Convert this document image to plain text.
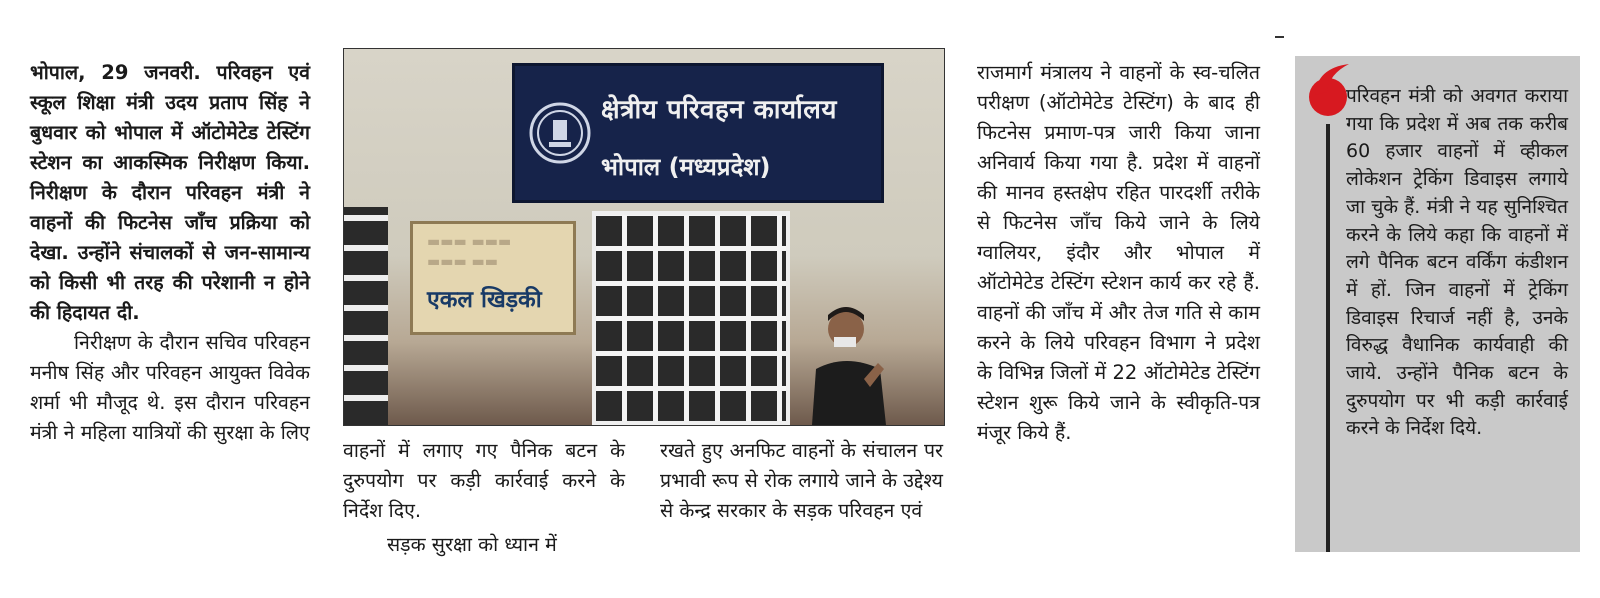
भोपाल, 29 जनवरी. परिवहन एवं स्कूल शिक्षा मंत्री उदय प्रताप सिंह ने बुधवार को भोपाल में ऑटोमेटेड टेस्टिंग स्टेशन का आकस्मिक निरीक्षण किया. निरीक्षण के दौरान परिवहन मंत्री ने वाहनों की फिटनेस जाँच प्रक्रिया को देखा. उन्होंने संचालकों से जन-सामान्य को किसी भी तरह की परेशानी न होने की हिदायत दी.

निरीक्षण के दौरान सचिव परिवहन मनीष सिंह और परिवहन आयुक्त विवेक शर्मा भी मौजूद थे. इस दौरान परिवहन मंत्री ने महिला यात्रियों की सुरक्षा के लिए

क्षेत्रीय परिवहन कार्यालय
भोपाल (मध्यप्रदेश)
▬▬▬ ▬▬▬
▬▬▬ ▬▬
एकल खिड़की

वाहनों में लगाए गए पैनिक बटन के दुरुपयोग पर कड़ी कार्रवाई करने के निर्देश दिए.

सड़क सुरक्षा को ध्यान में

रखते हुए अनफिट वाहनों के संचालन पर प्रभावी रूप से रोक लगाये जाने के उद्देश्य से केन्द्र सरकार के सड़क परिवहन एवं

राजमार्ग मंत्रालय ने वाहनों के स्व-चलित परीक्षण (ऑटोमेटेड टेस्टिंग) के बाद ही फिटनेस प्रमाण-पत्र जारी किया जाना अनिवार्य किया गया है. प्रदेश में वाहनों की मानव हस्तक्षेप रहित पारदर्शी तरीके से फिटनेस जाँच किये जाने के लिये ग्वालियर, इंदौर और भोपाल में ऑटोमेटेड टेस्टिंग स्टेशन कार्य कर रहे हैं. वाहनों की जाँच में और तेज गति से काम करने के लिये परिवहन विभाग ने प्रदेश के विभिन्न जिलों में 22 ऑटोमेटेड टेस्टिंग स्टेशन शुरू किये जाने के स्वीकृति-पत्र मंजूर किये हैं.

परिवहन मंत्री को अवगत कराया गया कि प्रदेश में अब तक करीब 60 हजार वाहनों में व्हीकल लोकेशन ट्रेकिंग डिवाइस लगाये जा चुके हैं. मंत्री ने यह सुनिश्चित करने के लिये कहा कि वाहनों में लगे पैनिक बटन वर्किंग कंडीशन में हों. जिन वाहनों में ट्रेकिंग डिवाइस रिचार्ज नहीं है, उनके विरुद्ध वैधानिक कार्यवाही की जाये. उन्होंने पैनिक बटन के दुरुपयोग पर भी कड़ी कार्रवाई करने के निर्देश दिये.
